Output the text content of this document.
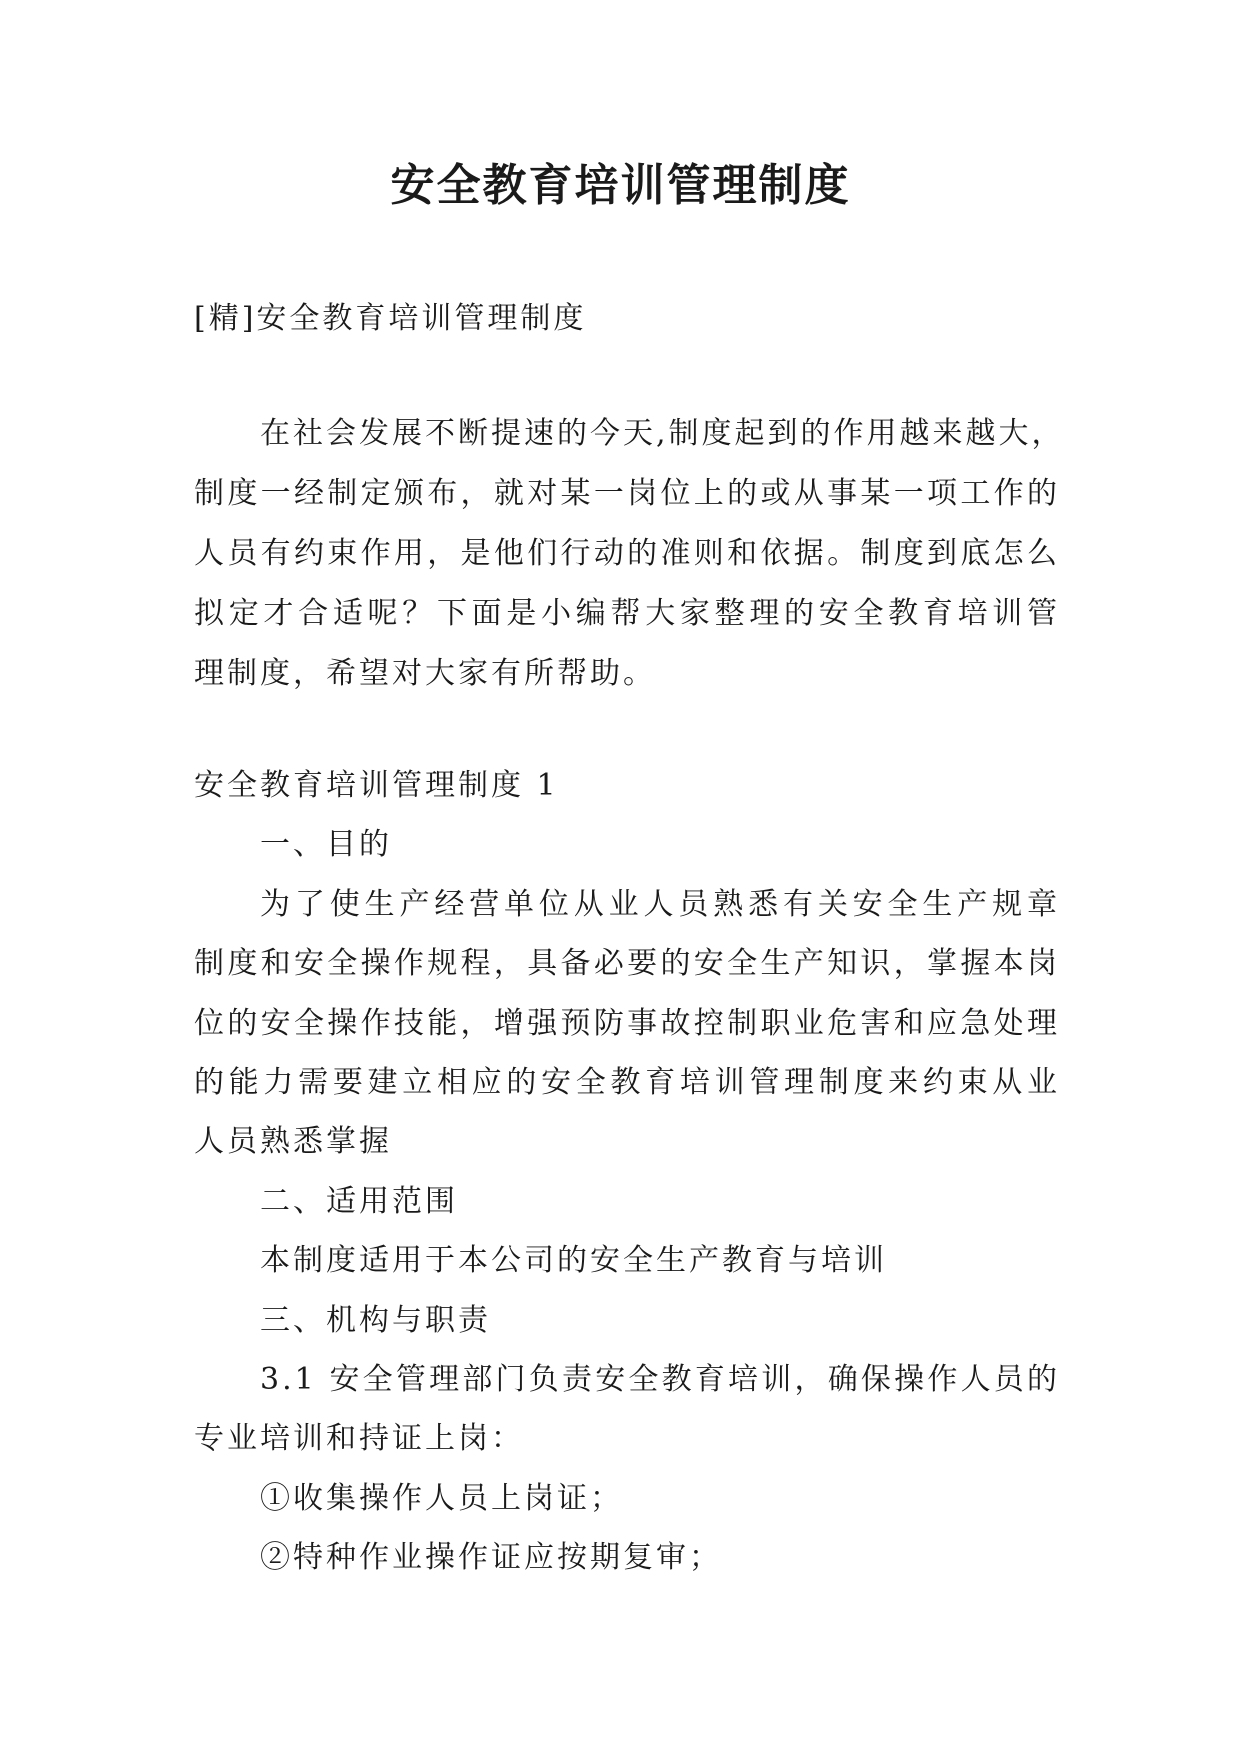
安全教育培训管理制度
[精]安全教育培训管理制度
在社会发展不断提速的今天,制度起到的作用越来越大，
制度一经制定颁布，就对某一岗位上的或从事某一项工作的
人员有约束作用，是他们行动的准则和依据。制度到底怎么
拟定才合适呢？下面是小编帮大家整理的安全教育培训管
理制度，希望对大家有所帮助。
安全教育培训管理制度 1
一、目的
为了使生产经营单位从业人员熟悉有关安全生产规章
制度和安全操作规程，具备必要的安全生产知识，掌握本岗
位的安全操作技能，增强预防事故控制职业危害和应急处理
的能力需要建立相应的安全教育培训管理制度来约束从业
人员熟悉掌握
二、适用范围
本制度适用于本公司的安全生产教育与培训
三、机构与职责
3.1 安全管理部门负责安全教育培训，确保操作人员的
专业培训和持证上岗：
①收集操作人员上岗证；
②特种作业操作证应按期复审；
